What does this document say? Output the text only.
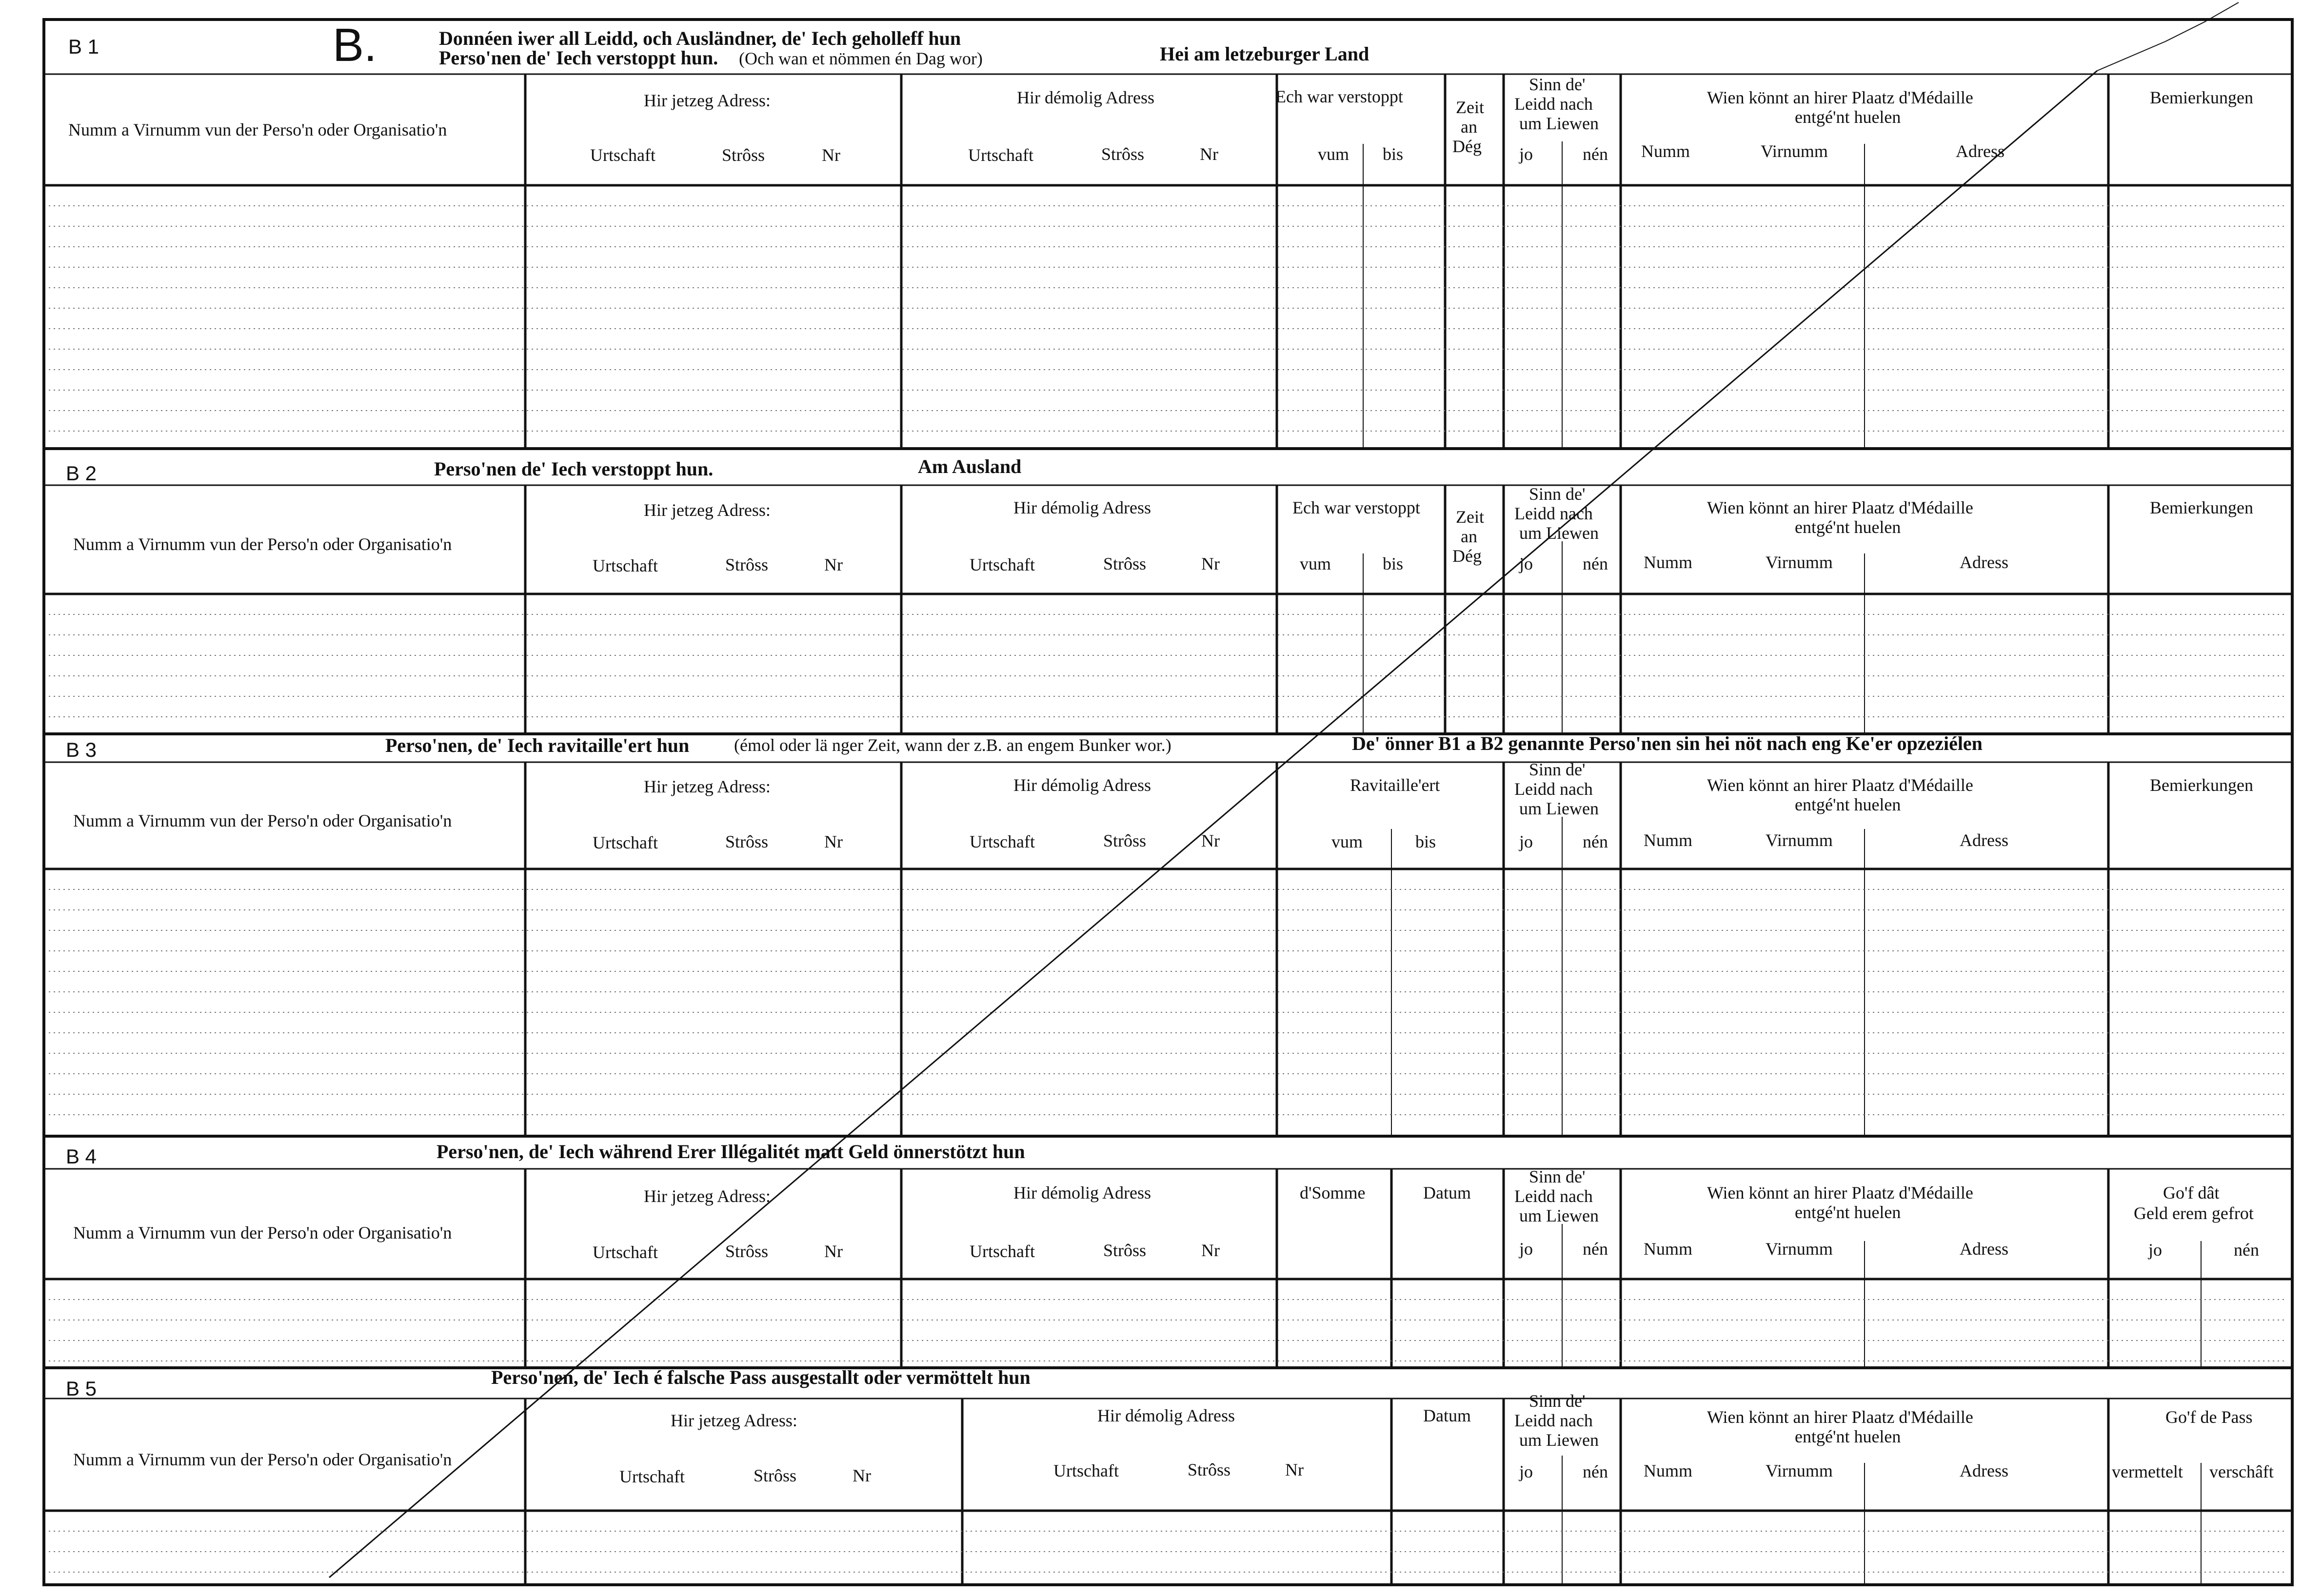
B.
B 1	Donnéen iwer all Leidd, och Ausländner, de' Iech geholleff hun
Perso'nen de' Iech verstoppt hun. (Och wan et nömmen én Dag wor)	Hei am letzeburger Land
Numm a Virnumm vun der Perso'n oder Organisatio'n
Hir jetzeg Adress:
Urtschaft	Strôss	Nr
Hir démolig Adress
Urtschaft	Strôss	Nr
Ech war verstoppt
vum bis
Zeit
an
Dég
Sinn de'
Leidd nach
um Liewen
jo	nén
Wien könnt an hirer Plaatz d'Médaille
entgé'nt huelen
Numm	Virnumm	Adress
Bemierkungen
B 2	Perso'nen de' Iech verstoppt hun.	Am Ausland
Numm a Virnumm vun der Perso'n oder Organisatio'n
Hir jetzeg Adress:
Urtschaft	Strôss	Nr
Hir démolig Adress
Urtschaft	Strôss	Nr
Ech war verstoppt
vum	bis
Zeit
an
Dég
Sinn de'
Leidd nach
um Liewen
jo	nén
Wien könnt an hirer Plaatz d'Médaille
entgé'nt huelen
Numm	Virnumm	Adress
Bemierkungen
B 3	Perso'nen, de' Iech ravitaille'ert hun	(émol oder lä nger Zeit, wann der z.B. an engem Bunker wor.)	De' önner B1 a B2 genannte Perso'nen sin hei nöt nach eng Ke'er opzeziélen
Numm a Virnumm vun der Perso'n oder Organisatio'n
Hir jetzeg Adress:
Urtschaft	Strôss	Nr
Hir démolig Adress
Urtschaft	Strôss	Nr
Ravitaille'ert
vum	bis
Sinn de'
Leidd nach
um Liewen
jo	nén
Wien könnt an hirer Plaatz d'Médaille
entgé'nt huelen
Numm	Virnumm	Adress
Bemierkungen
B 4	Perso'nen, de' Iech während Erer Illégalitét matt Geld önnerstötzt hun
Numm a Virnumm vun der Perso'n oder Organisatio'n
Hir jetzeg Adress:
Urtschaft	Strôss	Nr
Hir démolig Adress
Urtschaft	Strôss	Nr
d'Somme	Datum
Sinn de'
Leidd nach
um Liewen
jo	nén
Wien könnt an hirer Plaatz d'Médaille
entgé'nt huelen
Numm	Virnumm	Adress
Go'f dât
Geld erem gefrot
jo	nén
B 5	Perso'nen, de' Iech é falsche Pass ausgestallt oder vermöttelt hun
Numm a Virnumm vun der Perso'n oder Organisatio'n
Hir jetzeg Adress:
Urtschaft	Strôss	Nr
Hir démolig Adress
Urtschaft	Strôss	Nr
Datum
Sinn de'
Leidd nach
um Liewen
jo	nén
Wien könnt an hirer Plaatz d'Médaille
entgé'nt huelen
Numm	Virnumm	Adress
Go'f de Pass
vermettelt verschâft
